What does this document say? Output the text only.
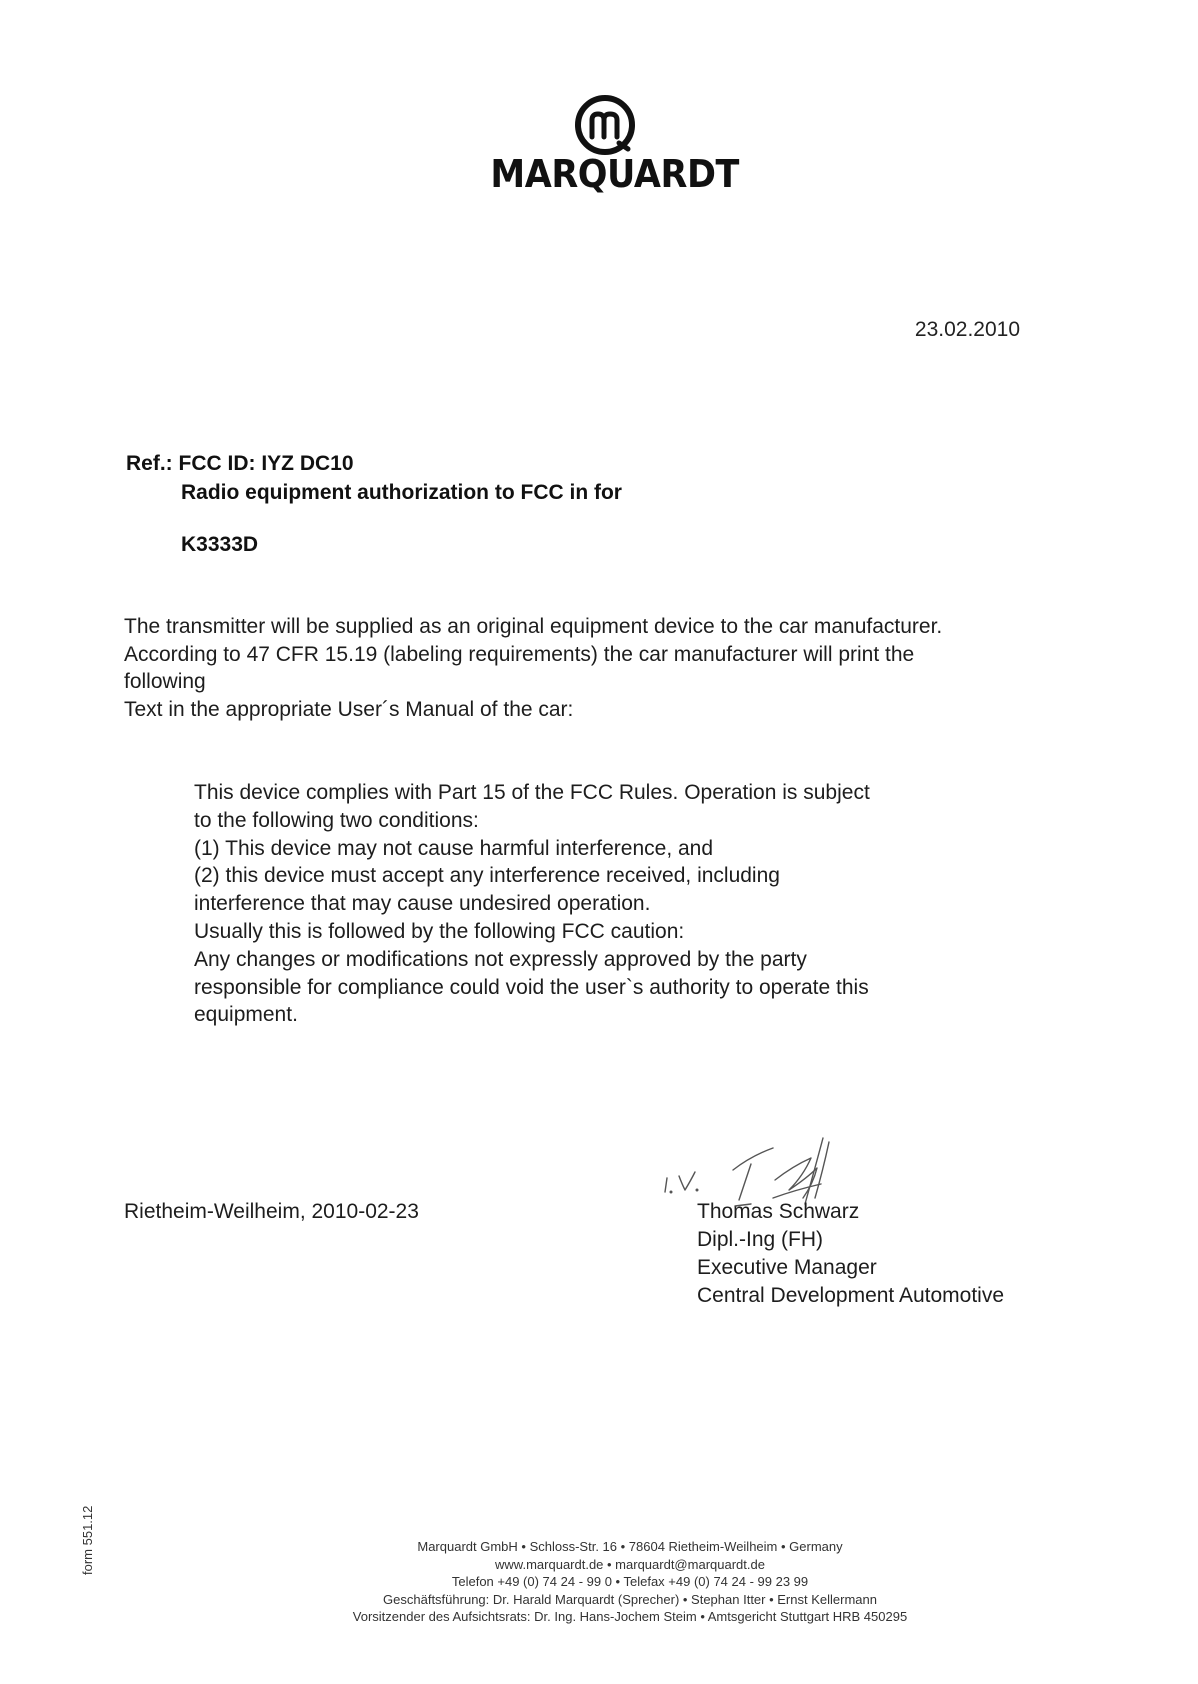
MARQUARDT
23.02.2010
Ref.: FCC ID: IYZ DC10
Radio equipment authorization to FCC in for
K3333D

The transmitter will be supplied as an original equipment device to the car manufacturer.

According to 47 CFR 15.19 (labeling requirements) the car manufacturer will print the

following

Text in the appropriate User´s Manual of the car:

This device complies with Part 15 of the FCC Rules. Operation is subject

to the following two conditions:

(1) This device may not cause harmful interference, and

(2) this device must accept any interference received, including

interference that may cause undesired operation.

Usually this is followed by the following FCC caution:

Any changes or modifications not expressly approved by the party

responsible for compliance could void the user`s authority to operate this

equipment.

Rietheim-Weilheim, 2010-02-23	Thomas Schwarz

Dipl.-Ing (FH)

Executive Manager

Central Development Automotive

Marquardt GmbH • Schloss-Str. 16 • 78604 Rietheim-Weilheim • Germany

www.marquardt.de • marquardt@marquardt.de

Telefon +49 (0) 74 24 - 99 0 • Telefax +49 (0) 74 24 - 99 23 99

Geschäftsführung: Dr. Harald Marquardt (Sprecher) • Stephan Itter • Ernst Kellermann

Vorsitzender des Aufsichtsrats: Dr. Ing. Hans-Jochem Steim • Amtsgericht Stuttgart HRB 450295

form 551.12
